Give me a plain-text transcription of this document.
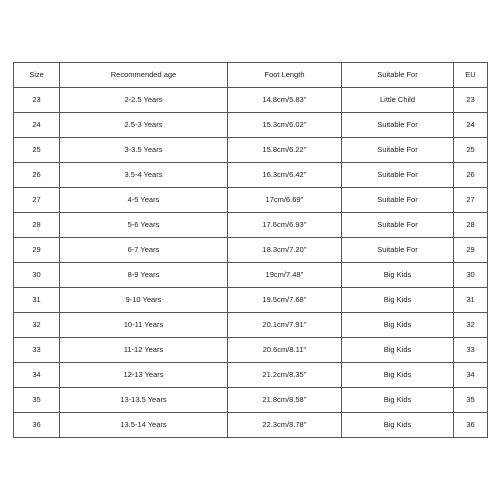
Size	Recommended age	Foot Length	Suitable For	EU
23	2-2.5 Years	14.8cm/5.83''	Little Child	23
24	2.5-3 Years	15.3cm/6.02''	Suitable For	24
25	3-3.5 Years	15.8cm/6.22''	Suitable For	25
26	3.5-4 Years	16.3cm/6.42''	Suitable For	26
27	4-5 Years	17cm/6.69''	Suitable For	27
28	5-6 Years	17.6cm/6.93''	Suitable For	28
29	6-7 Years	18.3cm/7.20''	Suitable For	29
30	8-9 Years	19cm/7.48''	Big Kids	30
31	9-10 Years	19.5cm/7.68''	Big Kids	31
32	10-11 Years	20.1cm/7.91''	Big Kids	32
33	11-12 Years	20.6cm/8.11''	Big Kids	33
34	12-13 Years	21.2cm/8.35''	Big Kids	34
35	13-13.5 Years	21.8cm/8.58''	Big Kids	35
36	13.5-14 Years	22.3cm/8.78''	Big Kids	36
